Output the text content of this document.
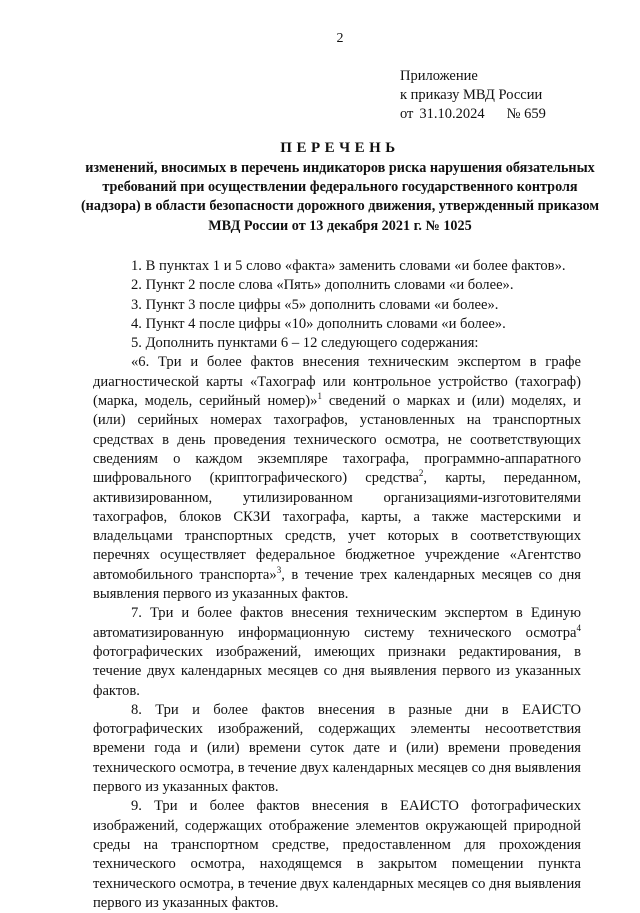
2
Приложение
к приказу МВД России
от 31.10.2024 № 659
ПЕРЕЧЕНЬ
изменений, вносимых в перечень индикаторов риска нарушения обязательных требований при осуществлении федерального государственного контроля (надзора) в области безопасности дорожного движения, утвержденный приказом МВД России от 13 декабря 2021 г. № 1025

1. В пунктах 1 и 5 слово «факта» заменить словами «и более фактов».

2. Пункт 2 после слова «Пять» дополнить словами «и более».

3. Пункт 3 после цифры «5» дополнить словами «и более».

4. Пункт 4 после цифры «10» дополнить словами «и более».

5. Дополнить пунктами 6 – 12 следующего содержания:

«6. Три и более фактов внесения техническим экспертом в графе диагностической карты «Тахограф или контрольное устройство (тахограф) (марка, модель, серийный номер)»$^1$ сведений о марках и (или) моделях, и (или) серийных номерах тахографов, установленных на транспортных средствах в день проведения технического осмотра, не соответствующих сведениям о каждом экземпляре тахографа, программно-аппаратного шифровального (криптографического) средства$^2$, карты, переданном, активизированном, утилизированном организациями-изготовителями тахографов, блоков СКЗИ тахографа, карты, а также мастерскими и владельцами транспортных средств, учет которых в соответствующих перечнях осуществляет федеральное бюджетное учреждение «Агентство автомобильного транспорта»$^3$, в течение трех календарных месяцев со дня выявления первого из указанных фактов.

7. Три и более фактов внесения техническим экспертом в Единую автоматизированную информационную систему технического осмотра$^4$ фотографических изображений, имеющих признаки редактирования, в течение двух календарных месяцев со дня выявления первого из указанных фактов.

8. Три и более фактов внесения в разные дни в ЕАИСТО фотографических изображений, содержащих элементы несоответствия времени года и (или) времени суток дате и (или) времени проведения технического осмотра, в течение двух календарных месяцев со дня выявления первого из указанных фактов.

9. Три и более фактов внесения в ЕАИСТО фотографических изображений, содержащих отображение элементов окружающей природной среды на транспортном средстве, предоставленном для прохождения технического осмотра, находящемся в закрытом помещении пункта технического осмотра, в течение двух календарных месяцев со дня выявления первого из указанных фактов.
